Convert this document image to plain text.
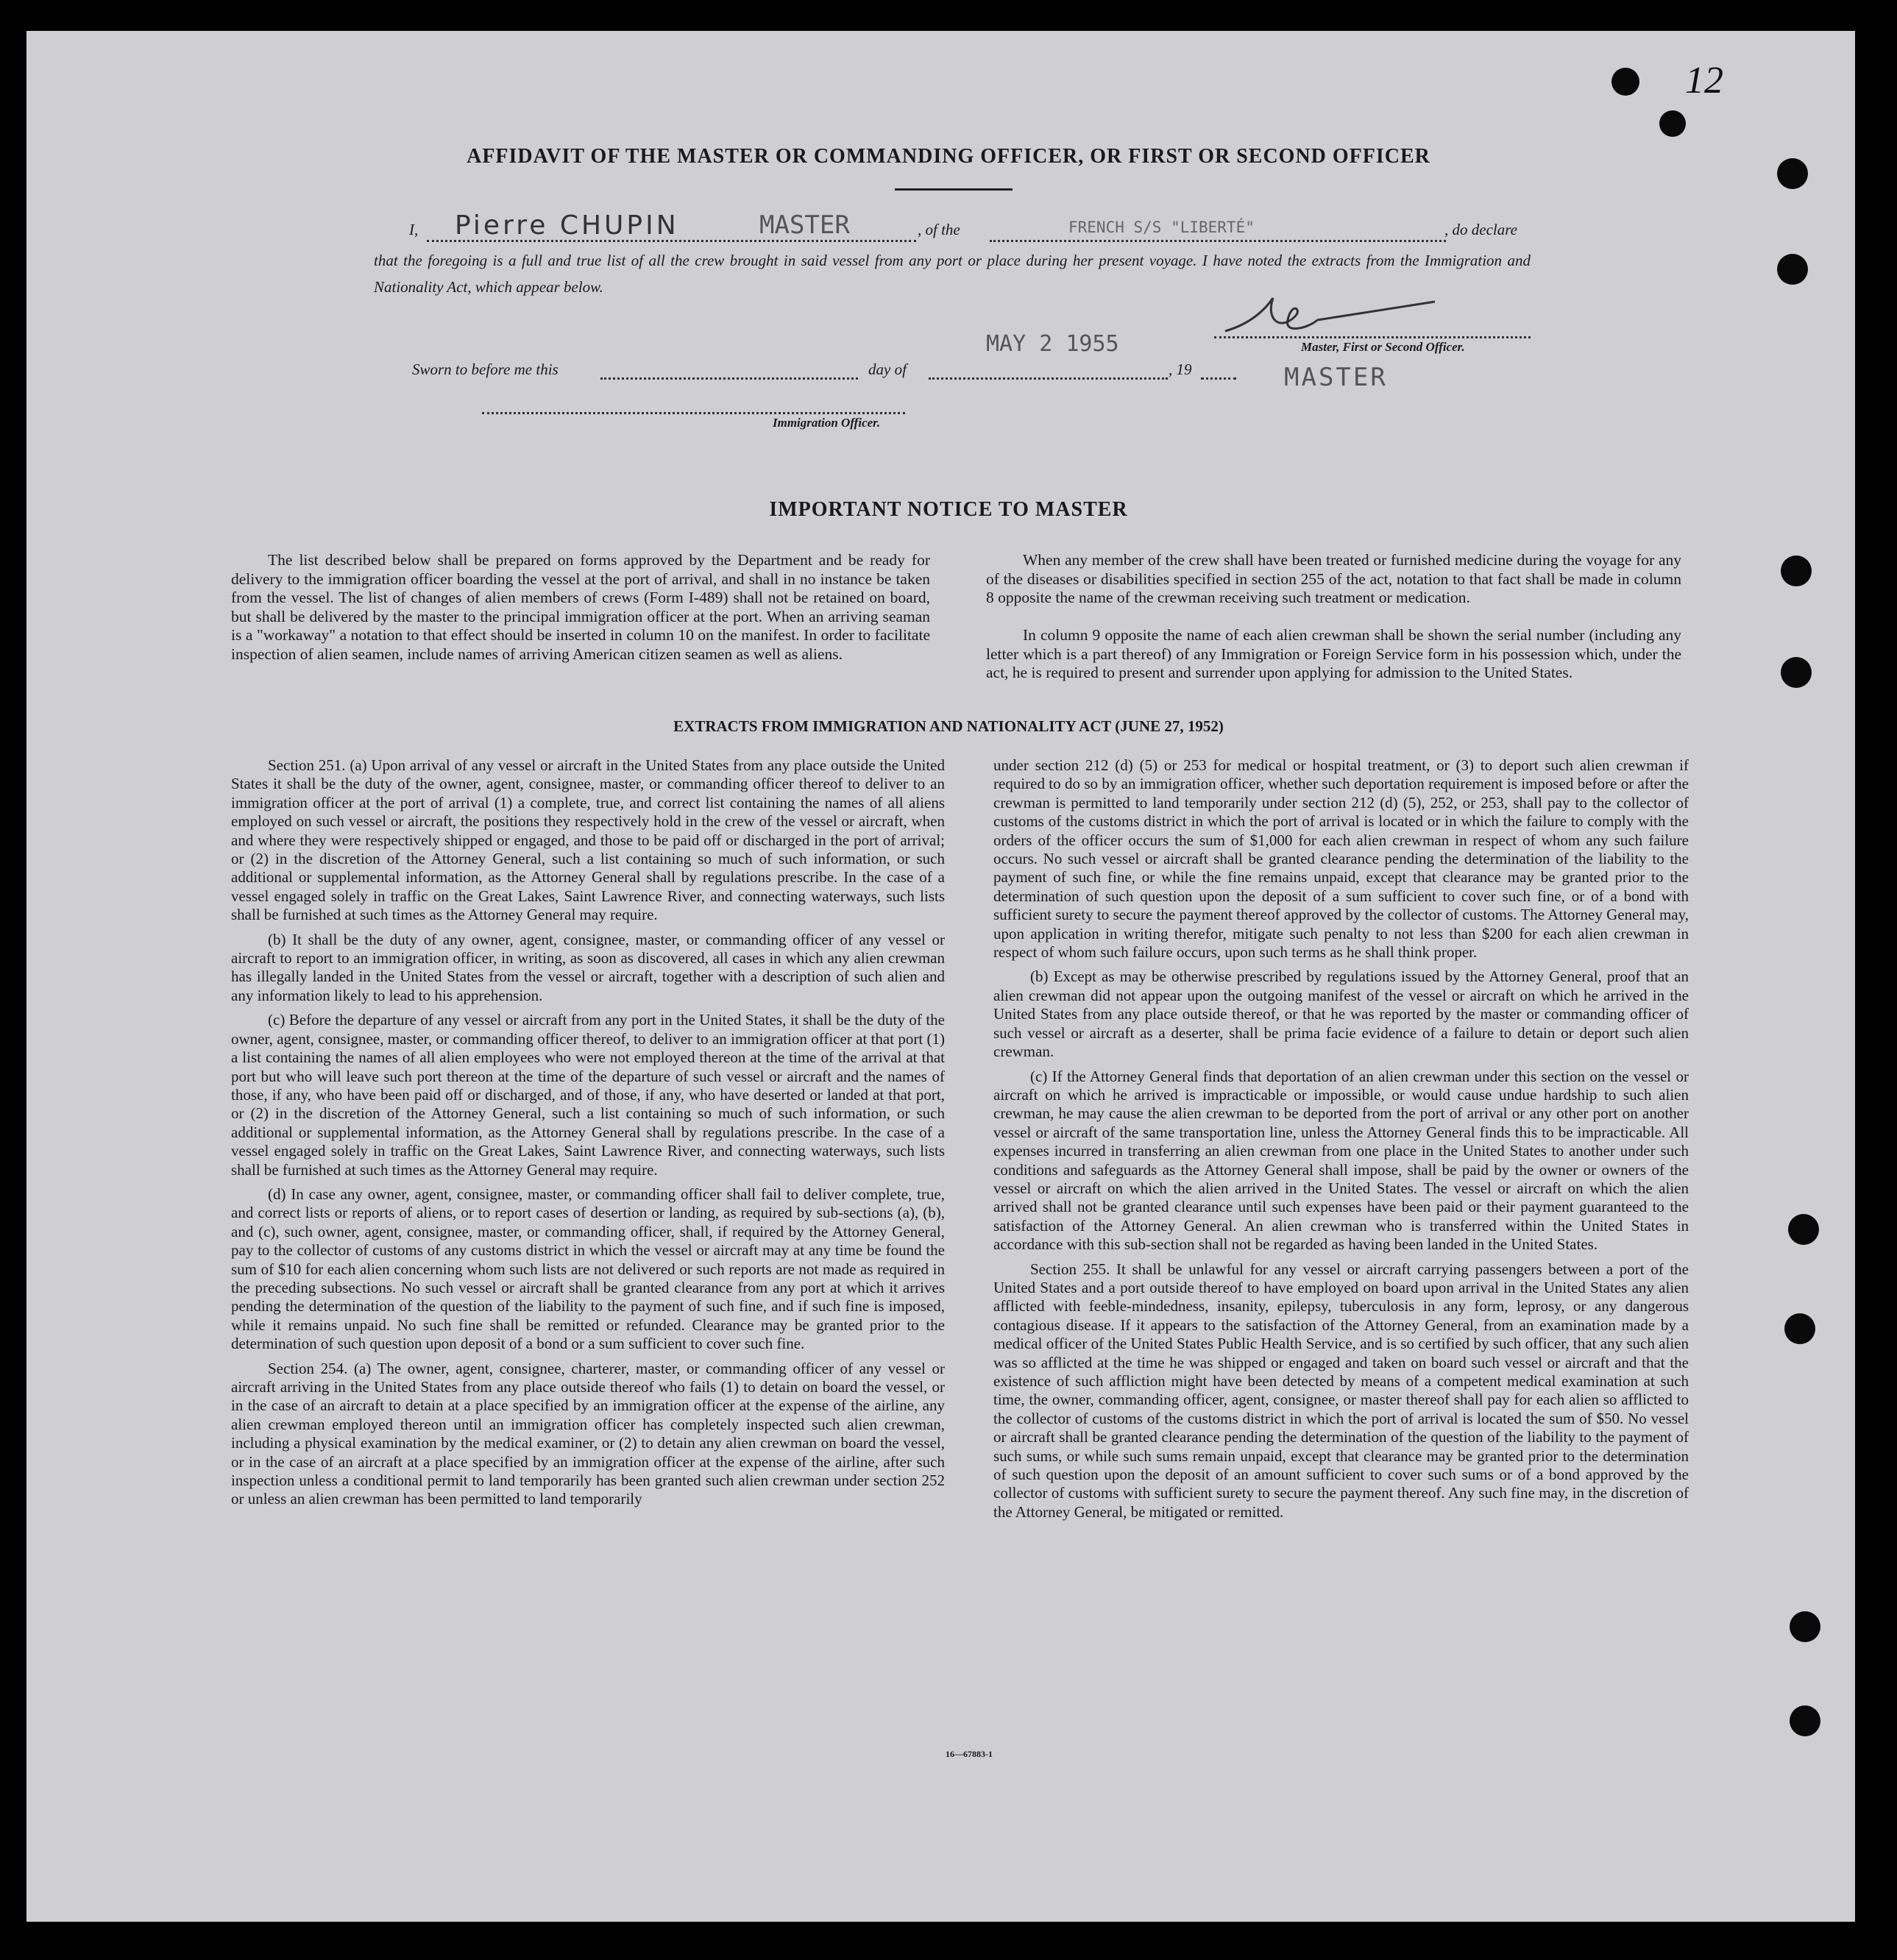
12
AFFIDAVIT OF THE MASTER OR COMMANDING OFFICER, OR FIRST OR SECOND OFFICER
I, Pierre CHUPIN	MASTER	, of the	FRENCH S/S "LIBERTÉ"	, do declare
that the foregoing is a full and true list of all the crew brought in said vessel from any port or place during her present voyage. I have noted the extracts from the Immigration and Nationality Act, which appear below.
MAY 2 1955	Master, First or Second Officer.
MASTER
Sworn to before me this	day of	, 19
Immigration Officer.
IMPORTANT NOTICE TO MASTER

The list described below shall be prepared on forms approved by the Department and be ready for delivery to the immigration officer boarding the vessel at the port of arrival, and shall in no instance be taken from the vessel. The list of changes of alien members of crews (Form I-489) shall not be retained on board, but shall be delivered by the master to the principal immigration officer at the port. When an arriving seaman is a "workaway" a notation to that effect should be inserted in column 10 on the manifest. In order to facilitate inspection of alien seamen, include names of arriving American citizen seamen as well as aliens.

When any member of the crew shall have been treated or furnished medicine during the voyage for any of the diseases or disabilities specified in section 255 of the act, notation to that fact shall be made in column 8 opposite the name of the crewman receiving such treatment or medication.

In column 9 opposite the name of each alien crewman shall be shown the serial number (including any letter which is a part thereof) of any Immigration or Foreign Service form in his possession which, under the act, he is required to present and surrender upon applying for admission to the United States.

EXTRACTS FROM IMMIGRATION AND NATIONALITY ACT (JUNE 27, 1952)

Section 251. (a) Upon arrival of any vessel or aircraft in the United States from any place outside the United States it shall be the duty of the owner, agent, consignee, master, or commanding officer thereof to deliver to an immigration officer at the port of arrival (1) a complete, true, and correct list containing the names of all aliens employed on such vessel or aircraft, the positions they respectively hold in the crew of the vessel or aircraft, when and where they were respectively shipped or engaged, and those to be paid off or discharged in the port of arrival; or (2) in the discretion of the Attorney General, such a list containing so much of such information, or such additional or supplemental information, as the Attorney General shall by regulations prescribe. In the case of a vessel engaged solely in traffic on the Great Lakes, Saint Lawrence River, and connecting waterways, such lists shall be furnished at such times as the Attorney General may require.

(b) It shall be the duty of any owner, agent, consignee, master, or commanding officer of any vessel or aircraft to report to an immigration officer, in writing, as soon as discovered, all cases in which any alien crewman has illegally landed in the United States from the vessel or aircraft, together with a description of such alien and any information likely to lead to his apprehension.

(c) Before the departure of any vessel or aircraft from any port in the United States, it shall be the duty of the owner, agent, consignee, master, or commanding officer thereof, to deliver to an immigration officer at that port (1) a list containing the names of all alien employees who were not employed thereon at the time of the arrival at that port but who will leave such port thereon at the time of the departure of such vessel or aircraft and the names of those, if any, who have been paid off or discharged, and of those, if any, who have deserted or landed at that port, or (2) in the discretion of the Attorney General, such a list containing so much of such information, or such additional or supplemental information, as the Attorney General shall by regulations prescribe. In the case of a vessel engaged solely in traffic on the Great Lakes, Saint Lawrence River, and connecting waterways, such lists shall be furnished at such times as the Attorney General may require.

(d) In case any owner, agent, consignee, master, or commanding officer shall fail to deliver complete, true, and correct lists or reports of aliens, or to report cases of desertion or landing, as required by sub-sections (a), (b), and (c), such owner, agent, consignee, master, or commanding officer, shall, if required by the Attorney General, pay to the collector of customs of any customs district in which the vessel or aircraft may at any time be found the sum of $10 for each alien concerning whom such lists are not delivered or such reports are not made as required in the preceding subsections. No such vessel or aircraft shall be granted clearance from any port at which it arrives pending the determination of the question of the liability to the payment of such fine, and if such fine is imposed, while it remains unpaid. No such fine shall be remitted or refunded. Clearance may be granted prior to the determination of such question upon deposit of a bond or a sum sufficient to cover such fine.

Section 254. (a) The owner, agent, consignee, charterer, master, or commanding officer of any vessel or aircraft arriving in the United States from any place outside thereof who fails (1) to detain on board the vessel, or in the case of an aircraft to detain at a place specified by an immigration officer at the expense of the airline, any alien crewman employed thereon until an immigration officer has completely inspected such alien crewman, including a physical examination by the medical examiner, or (2) to detain any alien crewman on board the vessel, or in the case of an aircraft at a place specified by an immigration officer at the expense of the airline, after such inspection unless a conditional permit to land temporarily has been granted such alien crewman under section 252 or unless an alien crewman has been permitted to land temporarily

under section 212 (d) (5) or 253 for medical or hospital treatment, or (3) to deport such alien crewman if required to do so by an immigration officer, whether such deportation requirement is imposed before or after the crewman is permitted to land temporarily under section 212 (d) (5), 252, or 253, shall pay to the collector of customs of the customs district in which the port of arrival is located or in which the failure to comply with the orders of the officer occurs the sum of $1,000 for each alien crewman in respect of whom any such failure occurs. No such vessel or aircraft shall be granted clearance pending the determination of the liability to the payment of such fine, or while the fine remains unpaid, except that clearance may be granted prior to the determination of such question upon the deposit of a sum sufficient to cover such fine, or of a bond with sufficient surety to secure the payment thereof approved by the collector of customs. The Attorney General may, upon application in writing therefor, mitigate such penalty to not less than $200 for each alien crewman in respect of whom such failure occurs, upon such terms as he shall think proper.

(b) Except as may be otherwise prescribed by regulations issued by the Attorney General, proof that an alien crewman did not appear upon the outgoing manifest of the vessel or aircraft on which he arrived in the United States from any place outside thereof, or that he was reported by the master or commanding officer of such vessel or aircraft as a deserter, shall be prima facie evidence of a failure to detain or deport such alien crewman.

(c) If the Attorney General finds that deportation of an alien crewman under this section on the vessel or aircraft on which he arrived is impracticable or impossible, or would cause undue hardship to such alien crewman, he may cause the alien crewman to be deported from the port of arrival or any other port on another vessel or aircraft of the same transportation line, unless the Attorney General finds this to be impracticable. All expenses incurred in transferring an alien crewman from one place in the United States to another under such conditions and safeguards as the Attorney General shall impose, shall be paid by the owner or owners of the vessel or aircraft on which the alien arrived in the United States. The vessel or aircraft on which the alien arrived shall not be granted clearance until such expenses have been paid or their payment guaranteed to the satisfaction of the Attorney General. An alien crewman who is transferred within the United States in accordance with this sub-section shall not be regarded as having been landed in the United States.

Section 255. It shall be unlawful for any vessel or aircraft carrying passengers between a port of the United States and a port outside thereof to have employed on board upon arrival in the United States any alien afflicted with feeble-mindedness, insanity, epilepsy, tuberculosis in any form, leprosy, or any dangerous contagious disease. If it appears to the satisfaction of the Attorney General, from an examination made by a medical officer of the United States Public Health Service, and is so certified by such officer, that any such alien was so afflicted at the time he was shipped or engaged and taken on board such vessel or aircraft and that the existence of such affliction might have been detected by means of a competent medical examination at such time, the owner, commanding officer, agent, consignee, or master thereof shall pay for each alien so afflicted to the collector of customs of the customs district in which the port of arrival is located the sum of $50. No vessel or aircraft shall be granted clearance pending the determination of the question of the liability to the payment of such sums, or while such sums remain unpaid, except that clearance may be granted prior to the determination of such question upon the deposit of an amount sufficient to cover such sums or of a bond approved by the collector of customs with sufficient surety to secure the payment thereof. Any such fine may, in the discretion of the Attorney General, be mitigated or remitted.

16—67883-1
